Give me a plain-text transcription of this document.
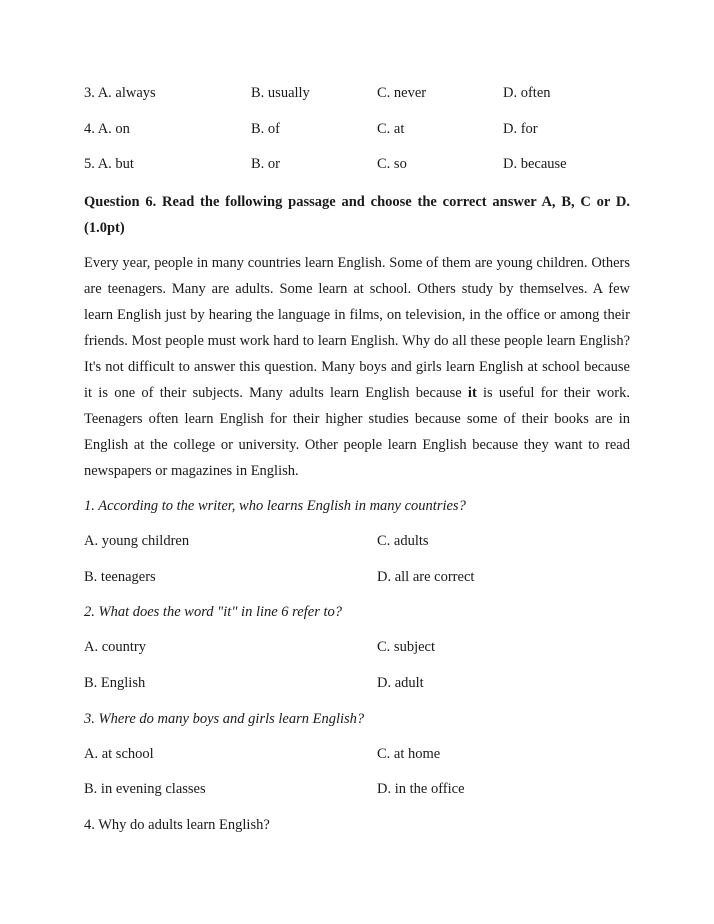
3. A. always	B. usually	C. never	D. often
4. A. on	B. of	C. at	D. for
5. A. but	B. or	C. so	D. because
Question 6. Read the following passage and choose the correct answer A, B, C or D. (1.0pt)
Every year, people in many countries learn English. Some of them are young children. Others are teenagers. Many are adults. Some learn at school. Others study by themselves. A few learn English just by hearing the language in films, on television, in the office or among their friends. Most people must work hard to learn English. Why do all these people learn English? It's not difficult to answer this question. Many boys and girls learn English at school because it is one of their subjects. Many adults learn English because it is useful for their work. Teenagers often learn English for their higher studies because some of their books are in English at the college or university. Other people learn English because they want to read newspapers or magazines in English.
1. According to the writer, who learns English in many countries?
A. young children	C. adults
B. teenagers	D. all are correct
2. What does the word "it" in line 6 refer to?
A. country	C. subject
B. English	D. adult
3. Where do many boys and girls learn English?
A. at school	C. at home
B. in evening classes	D. in the office
4. Why do adults learn English?
